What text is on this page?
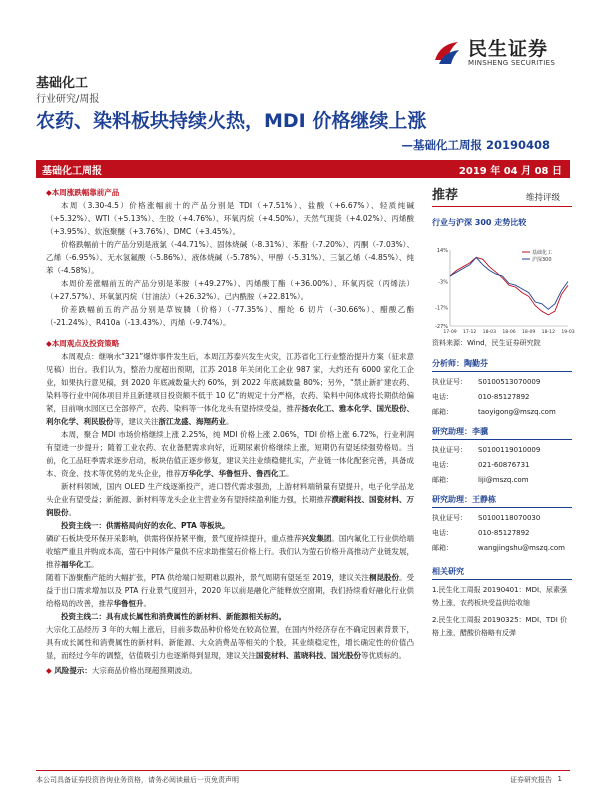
民生证券
MINSHENG SECURITIES
基础化工
行业研究/周报
农药、染料板块持续火热，MDI 价格继续上涨
—基础化工周报 20190408
基础化工周报	2019 年 04 月 08 日

◆ 本周涨跌幅靠前产品

本周（3.30-4.5）价格涨幅前十的产品分别是 TDI（+7.51%）、盐酸（+6.67%）、轻质纯碱（+5.32%）、WTI（+5.13%）、生胶（+4.76%）、环氧丙烷（+4.50%）、天然气现货（+4.02%）、丙烯酸（+3.95%）、软泡聚醚（+3.76%）、DMC（+3.45%）。

价格跌幅前十的产品分别是液氯（-44.71%）、固体烧碱（-8.31%）、苯酚（-7.20%）、丙酮（-7.03%）、乙烯（-6.95%）、无水氢氟酸（-5.86%）、液体烧碱（-5.78%）、甲醇（-5.31%）、三氯乙烯（-4.85%）、纯苯（-4.58%）。

本周价差涨幅前五的产品分别是苯胺（+49.27%）、丙烯酸丁酯（+36.00%）、环氧丙烷（丙烯法）（+27.57%）、环氧氯丙烷（甘油法）（+26.32%）、己内酰胺（+22.81%）。

价差跌幅前五的产品分别是草铵膦（价格）（-77.35%）、醋纶 6 切片（-30.66%）、醋酸乙酯（-21.24%）、R410a（-13.43%）、丙烯（-9.74%）。

◆ 本周观点及投资策略

本周观点：继响水“321”爆炸事件发生后，本周江苏泰兴发生火灾，江苏省化工行业整治提升方案（征求意见稿）出台。我们认为，整治力度超出预期，江苏 2018 年关闭化工企业 987 家，大约还有 6000 家化工企业，如果执行意见稿，到 2020 年底减数量大约 60%，到 2022 年底减数量 80%；另外，“禁止新扩建农药、染料等行业中间体项目并且新建项目投资额不低于 10 亿”的规定十分严格，农药、染料中间体成将长期供给偏紧，目前响水园区已全部停产，农药、染料等一体化龙头有望持续受益，推荐扬农化工、雅本化学、国光股份、利尔化学、利民股份等，建议关注浙江龙盛、海翔药业。

本周，聚合 MDI 市场价格继续上涨 2.25%，纯 MDI 价格上涨 2.06%，TDI 价格上涨 6.72%，行业利润有望进一步提升；随着工业农药、农业备肥需求向好，近期尿素价格继续上涨，短期仍有望延续强势格局。当前，化工品旺季需求逐步启动，板块估值正逐步修复，建议关注业绩稳健扎实，产业链一体化配套完善，具备成本、资金、技术等优势的龙头企业，推荐万华化学、华鲁恒升、鲁西化工。

新材料领域，国内 OLED 生产线逐渐投产，进口替代需求强劲，上游材料端销量有望提升，电子化学品龙头企业有望受益；新能源、新材料等龙头企业主营业务有望持续盈利能力强，长期推荐濮耐科技、国瓷材料、万润股份。

投资主线一：供需格局向好的农化、PTA 等板块。

磷矿石板块受环保开采影响，供需将保持紧平衡，景气度持续提升，重点推荐兴发集团。国内氟化工行业供给端收缩严重且并购成本高，萤石中间体产量供不应求助推萤石价格上行。我们认为萤石价格升高推动产业链发展，推荐福华化工。

随着下游聚酯产能的大幅扩张，PTA 供给端口短期难以跟补，景气周期有望延至 2019，建议关注桐昆股份。受益于出口需求增加以及 PTA 行业景气度回升，2020 年以前是融化产能释放空窗期，我们持续看好融化行业供给格局的改善，推荐华鲁恒升。

投资主线二：具有成长属性和消费属性的新材料、新能源相关标的。

大宗化工品经历 3 年的大幅上涨后，目前多数品种价格处在较高位置，在国内外经济存在不确定因素背景下，具有成长属性和消费属性的新材料、新能源、大众消费品等相关的个股，其业绩稳定性，增长确定性的价值凸显，而经过今年的调整，估值吸引力也逐渐得到显现，建议关注国瓷材料、蓝晓科技、国光股份等优质标的。

◆ 风险提示：大宗商品价格出现超预期波动。

推荐	维持评级
行业与沪深 300 走势比较
14%
-3%
-17%
-27%
17-09 17-12 18-03 18-06 18-09 18-12 19-03
基础化工
沪深300
资料来源：Wind，民生证券研究院
分析师：陶勤芬
执业证号：	S0100513070009
电话：	010-85127892
邮箱：	taoyigong@mszq.com
研究助理：李骥
执业证号：	S0100119010009
电话：	021-60876731
邮箱：	liji@mszq.com
研究助理：王静栋
执业证号：	S0100118070030
电话：	010-85127892
邮箱：	wangjingshu@mszq.com
相关研究
1.民生化工周报 20190401：MDI、尿素强势上涨，农药板块受益供给收缩
2.民生化工周报 20190325：MDI、TDI 价格上涨，醋酸价格略有反弹
本公司具备证券投资咨询业务资格，请务必阅读最后一页免责声明	证券研究报告 1
